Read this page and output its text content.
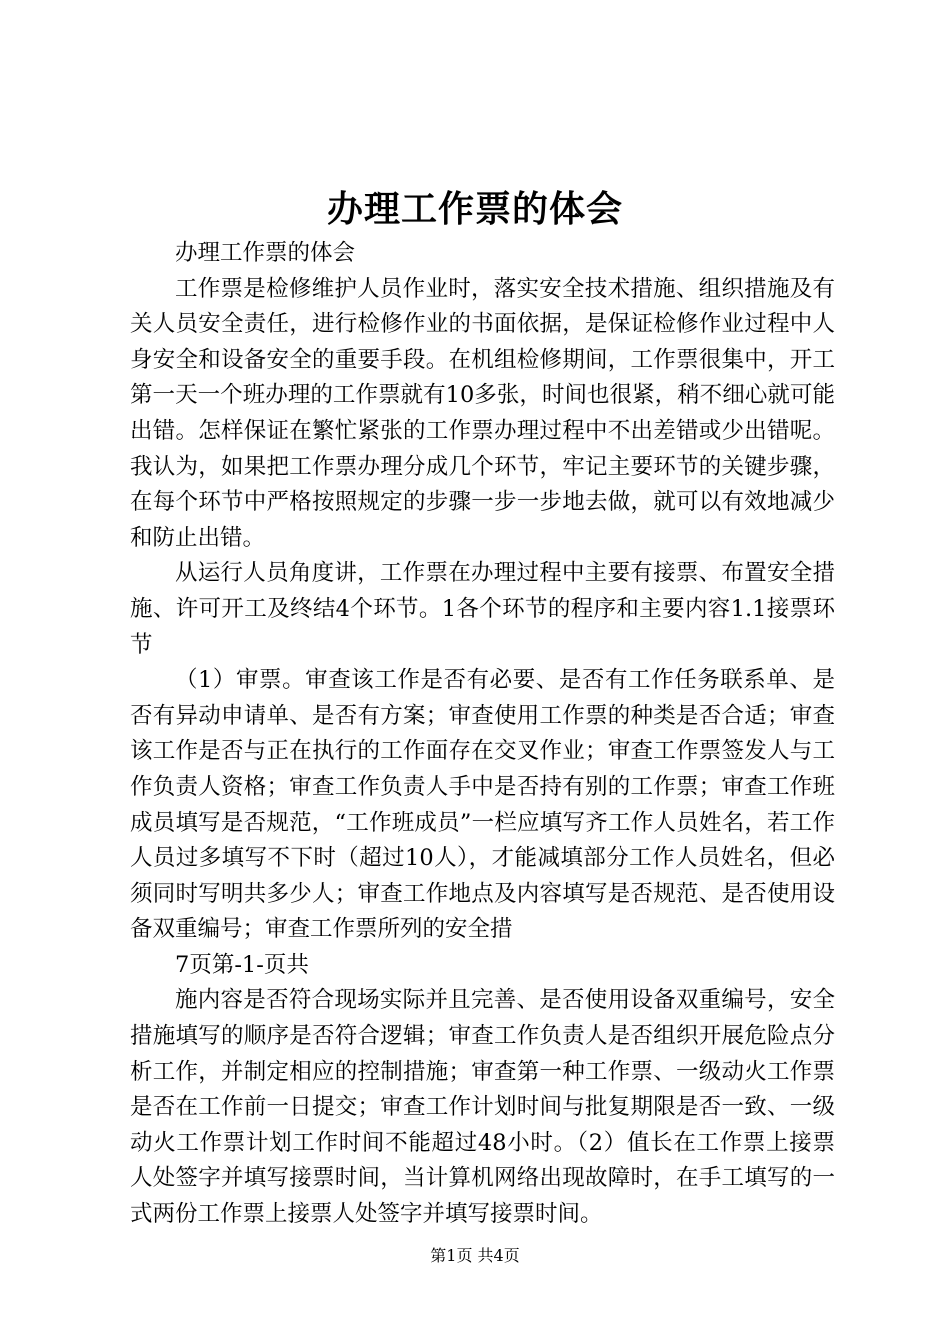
办理工作票的体会

办理工作票的体会

工作票是检修维护人员作业时，落实安全技术措施、组织措施及有关人员安全责任，进行检修作业的书面依据，是保证检修作业过程中人身安全和设备安全的重要手段。在机组检修期间，工作票很集中，开工第一天一个班办理的工作票就有10多张，时间也很紧，稍不细心就可能出错。怎样保证在繁忙紧张的工作票办理过程中不出差错或少出错呢。我认为，如果把工作票办理分成几个环节，牢记主要环节的关键步骤，在每个环节中严格按照规定的步骤一步一步地去做，就可以有效地减少和防止出错。

从运行人员角度讲，工作票在办理过程中主要有接票、布置安全措施、许可开工及终结4个环节。1各个环节的程序和主要内容1.1接票环节

（1）审票。审查该工作是否有必要、是否有工作任务联系单、是否有异动申请单、是否有方案；审查使用工作票的种类是否合适；审查该工作是否与正在执行的工作面存在交叉作业；审查工作票签发人与工作负责人资格；审查工作负责人手中是否持有别的工作票；审查工作班成员填写是否规范，“工作班成员”一栏应填写齐工作人员姓名，若工作人员过多填写不下时（超过10人），才能减填部分工作人员姓名，但必须同时写明共多少人；审查工作地点及内容填写是否规范、是否使用设备双重编号；审查工作票所列的安全措

7页第-1-页共

施内容是否符合现场实际并且完善、是否使用设备双重编号，安全措施填写的顺序是否符合逻辑；审查工作负责人是否组织开展危险点分析工作，并制定相应的控制措施；审查第一种工作票、一级动火工作票是否在工作前一日提交；审查工作计划时间与批复期限是否一致、一级动火工作票计划工作时间不能超过48小时。（2）值长在工作票上接票人处签字并填写接票时间，当计算机网络出现故障时，在手工填写的一式两份工作票上接票人处签字并填写接票时间。

第1页 共4页
